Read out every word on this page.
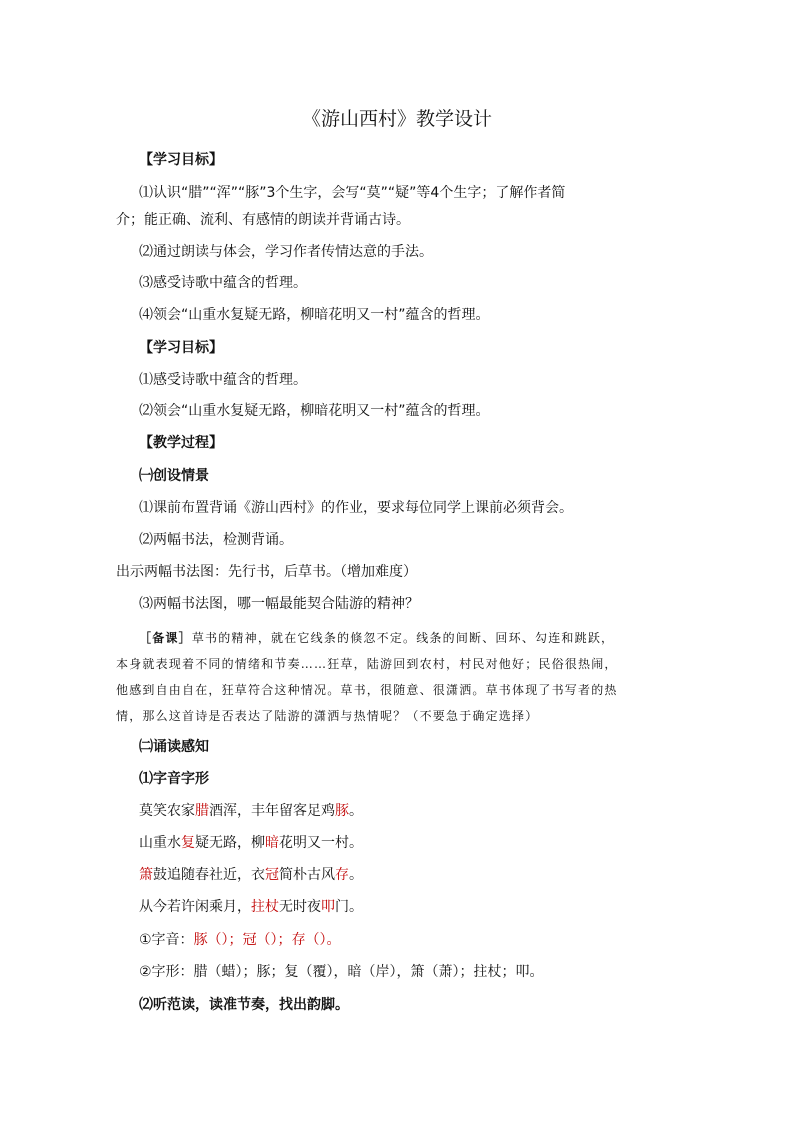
《游山西村》教学设计
【学习目标】
⑴认识“腊”“浑”“豚”3个生字，会写“莫”“疑”等4个生字；了解作者简
介；能正确、流利、有感情的朗读并背诵古诗。
⑵通过朗读与体会，学习作者传情达意的手法。
⑶感受诗歌中蕴含的哲理。
⑷领会“山重水复疑无路，柳暗花明又一村”蕴含的哲理。
【学习目标】
⑴感受诗歌中蕴含的哲理。
⑵领会“山重水复疑无路，柳暗花明又一村”蕴含的哲理。
【教学过程】
㈠创设情景
⑴课前布置背诵《游山西村》的作业，要求每位同学上课前必须背会。
⑵两幅书法，检测背诵。
出示两幅书法图：先行书，后草书。（增加难度）
⑶两幅书法图，哪一幅最能契合陆游的精神？
［备课］草书的精神，就在它线条的倏忽不定。线条的间断、回环、勾连和跳跃，
本身就表现着不同的情绪和节奏……狂草，陆游回到农村，村民对他好；民俗很热闹，
他感到自由自在，狂草符合这种情况。草书，很随意、很潇洒。草书体现了书写者的热
情，那么这首诗是否表达了陆游的潇洒与热情呢？（不要急于确定选择）
㈡诵读感知
⑴字音字形
莫笑农家腊酒浑，丰年留客足鸡豚。
山重水复疑无路，柳暗花明又一村。
箫鼓追随春社近，衣冠简朴古风存。
从今若许闲乘月，拄杖无时夜叩门。
①字音：豚（）；冠（）；存（）。
②字形：腊（蜡）；豚；复（覆），暗（岸），箫（萧）；拄杖；叩。
⑵听范读，读准节奏，找出韵脚。
